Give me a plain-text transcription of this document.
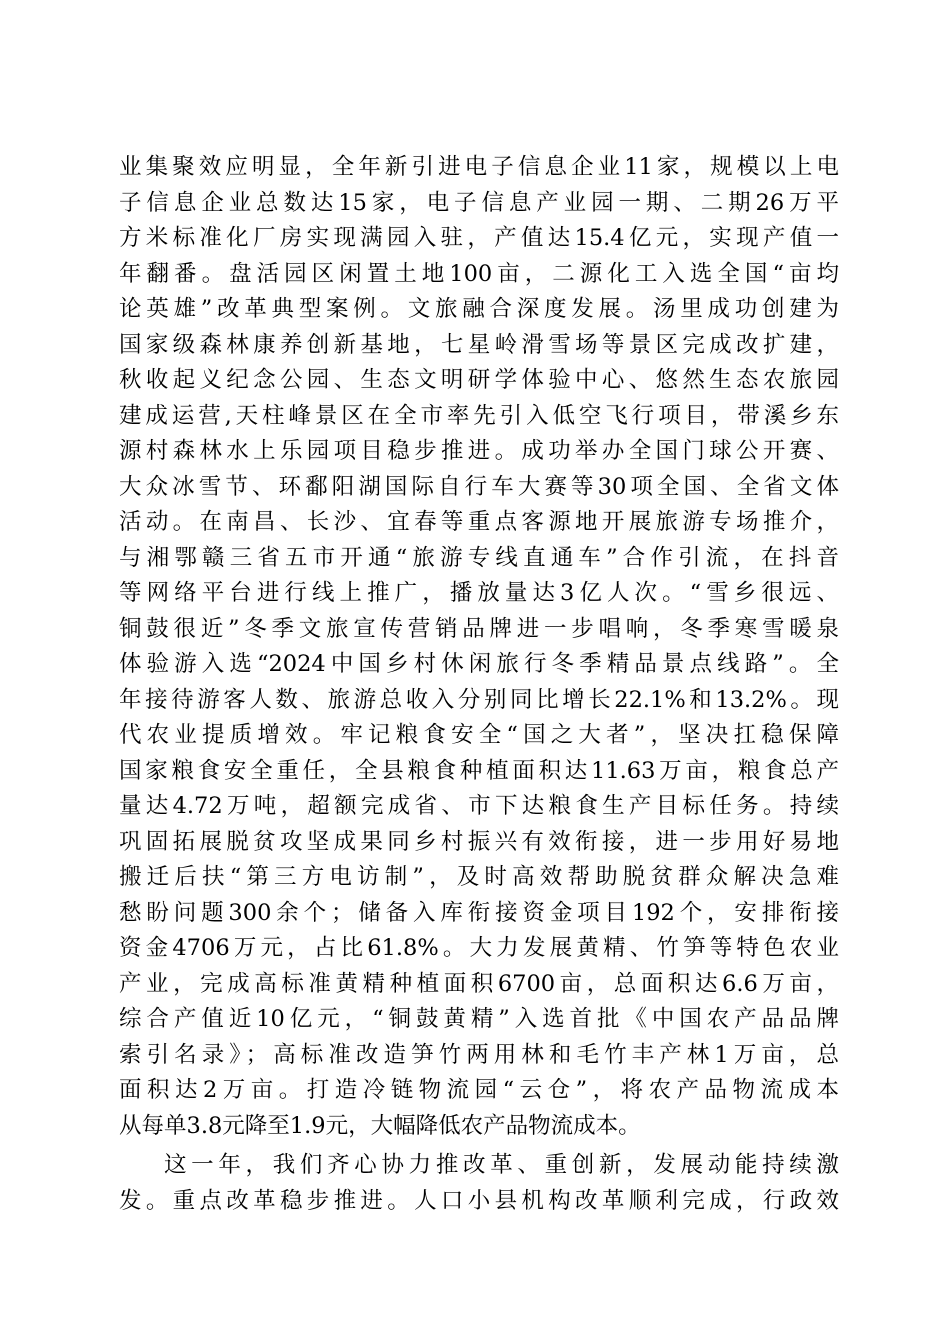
业集聚效应明显，全年新引进电子信息企业11家，规模以上电
子信息企业总数达15家，电子信息产业园一期、二期26万平
方米标准化厂房实现满园入驻，产值达15.4亿元，实现产值一
年翻番。盘活园区闲置土地100亩，二源化工入选全国“亩均
论英雄”改革典型案例。文旅融合深度发展。汤里成功创建为
国家级森林康养创新基地，七星岭滑雪场等景区完成改扩建，
秋收起义纪念公园、生态文明研学体验中心、悠然生态农旅园
建成运营,天柱峰景区在全市率先引入低空飞行项目，带溪乡东
源村森林水上乐园项目稳步推进。成功举办全国门球公开赛、
大众冰雪节、环鄱阳湖国际自行车大赛等30项全国、全省文体
活动。在南昌、长沙、宜春等重点客源地开展旅游专场推介，
与湘鄂赣三省五市开通“旅游专线直通车”合作引流，在抖音
等网络平台进行线上推广，播放量达3亿人次。“雪乡很远、
铜鼓很近”冬季文旅宣传营销品牌进一步唱响，冬季寒雪暖泉
体验游入选“2024中国乡村休闲旅行冬季精品景点线路”。全
年接待游客人数、旅游总收入分别同比增长22.1%和13.2%。现
代农业提质增效。牢记粮食安全“国之大者”，坚决扛稳保障
国家粮食安全重任，全县粮食种植面积达11.63万亩，粮食总产
量达4.72万吨，超额完成省、市下达粮食生产目标任务。持续
巩固拓展脱贫攻坚成果同乡村振兴有效衔接，进一步用好易地
搬迁后扶“第三方电访制”，及时高效帮助脱贫群众解决急难
愁盼问题300余个；储备入库衔接资金项目192个，安排衔接
资金4706万元，占比61.8%。大力发展黄精、竹笋等特色农业
产业，完成高标准黄精种植面积6700亩，总面积达6.6万亩，
综合产值近10亿元，“铜鼓黄精”入选首批《中国农产品品牌
索引名录》；高标准改造笋竹两用林和毛竹丰产林1万亩，总
面积达2万亩。打造冷链物流园“云仓”，将农产品物流成本
从每单3.8元降至1.9元，大幅降低农产品物流成本。
这一年，我们齐心协力推改革、重创新，发展动能持续激
发。重点改革稳步推进。人口小县机构改革顺利完成，行政效
